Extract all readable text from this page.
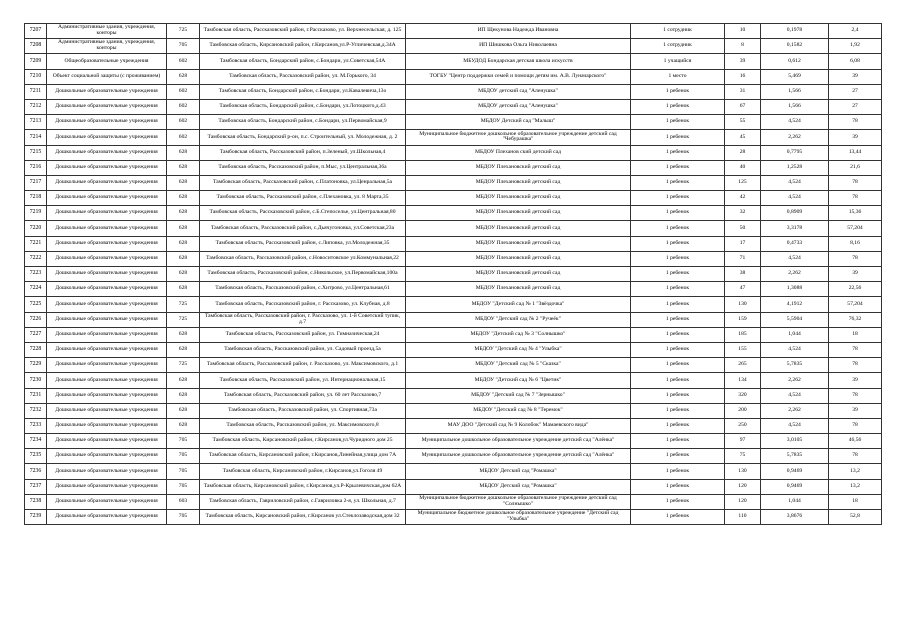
7207	Административные здания, учреждения, конторы	725	Тамбовская область, Рассказовский район, г.Рассказово, ул. Верхнесельская, д. 125	ИП Щекунова Надежда Ивановна	1 сотрудник	10	0,1978	2,4
7208	Административные здания, учреждения, конторы	705	Тамбовская область, Кирсановский район, г.Кирсанов,ул.Р-Угличевская,д.34А	ИП Шишкова Ольга Николаевна	1 сотрудник	8	0,1582	1,92
7209	Общеобразовательные учреждения	602	Тамбовская область, Бондарский район, с.Бондари, ул.Советская,54А	МБУДОД Бондарская детская школа искусств	1 учащийся	39	0,612	6,08
7210	Объект социальной защиты (с проживанием)	628	Тамбовская область, Рассказовский район, ул. М.Горького, 34	ТОГБУ "Центр поддержки семей и помощи детям им. А.В. Луначарского"	1 место	16	5,469	39
7211	Дошкольные образовательные учреждения	602	Тамбовская область, Бондарский район, с.Бондари, ул.Кавалевича,13о	МБДОУ детский сад "Аленушка"	1 ребенок	31	1,566	27
7212	Дошкольные образовательные учреждения	602	Тамбовская область, Бондарский район, с.Бондари, ул.Лотоцкого,д.43	МБДОУ детский сад "Аленушка"	1 ребенок	67	1,566	27
7213	Дошкольные образовательные учреждения	602	Тамбовская область, Бондарский район, с.Бондари, ул.Первомайская,9	МБДОУ Детский сад "Малыш"	1 ребенок	55	4,524	78
7214	Дошкольные образовательные учреждения	602	Тамбовская область, Бондарский р-он, п.с. Строительный, ул. Молодежная, д. 2	Муниципальное бюджетное дошкольное образовательное учреждение детский сад "Чебурашка"	1 ребенок	45	2,262	39
7215	Дошкольные образовательные учреждения	628	Тамбовская область, Рассказовский район, п.Зеленый, ул.Школьная,4	МБДОУ Плеханов ский детский сад	1 ребенок	28	0,7795	13,44
7216	Дошкольные образовательные учреждения	628	Тамбовская область, Рассказовский район, п.Мыс, ул.Центральная,36а	МБДОУ Плехановский детский сад	1 ребенок	40	1,2528	21,6
7217	Дошкольные образовательные учреждения	628	Тамбовская область, Рассказовский район, с.Платоновка, ул.Ценральная,5а	МБДОУ Плехановский детский сад	1 ребенок	125	4,524	78
7218	Дошкольные образовательные учреждения	628	Тамбовская область, Рассказовский район, с.Плехановка, ул. 8 Марта,35	МБДОУ Плехановский детский сад	1 ребенок	42	4,524	78
7219	Дошкольные образовательные учреждения	628	Тамбовская область, Рассказовский район, с.Б.Степоселье, ул.Центральная,80	МБДОУ Плехановский детский сад	1 ребенок	32	0,8909	15,36
7220	Дошкольные образовательные учреждения	628	Тамбовская область, Рассказовский район, с.Дьячугоновка, ул.Советская,23а	МБДОУ Плехановский детский сад	1 ребенок	50	3,3178	57,204
7221	Дошкольные образовательные учреждения	628	Тамбовская область, Рассказовский район, с.Липовка, ул.Молодежная,35	МБДОУ Плехановский детский сад	1 ребенок	17	0,4733	8,16
7222	Дошкольные образовательные учреждения	628	Тамбовская область, Рассказовский район, с.Новоситовское ул.Коммунальная,22	МБДОУ Плехановский детский сад	1 ребенок	71	4,524	78
7223	Дошкольные образовательные учреждения	628	Тамбовская область, Рассказовский район, с.Никольское, ул.Первомайская,100а	МБДОУ Плехановский детский сад	1 ребенок	38	2,262	39
7224	Дошкольные образовательные учреждения	628	Тамбовская область, Рассказовский район, с.Хитрово, ул.Центральная,61	МБДОУ Плехановский детский сад	1 ребенок	47	1,3088	22,56
7225	Дошкольные образовательные учреждения	725	Тамбовская область, Рассказовский район, г. Рассказово, ул. Клубная, д.8	МБДОУ "Детский сад № 1 "Звёздочка"	1 ребенок	130	4,1912	57,204
7226	Дошкольные образовательные учреждения	725	Тамбовская область, Рассказовский район, г. Рассказово, ул. 1-й Советский тупик, д.7	МБДОУ "Детский сад № 2 "Ручеёк"	1 ребенок	159	5,5904	76,32
7227	Дошкольные образовательные учреждения	628	Тамбовская область, Рассказовский район, ул. Гимназическая,24	МБДОУ "Детский сад № 3 "Солнышко"	1 ребенок	185	1,044	18
7228	Дошкольные образовательные учреждения	628	Тамбовская область, Рассказовский район, ул. Садовый проезд,5а	МБДОУ "Детский сад № 4 "Улыбка"	1 ребенок	155	4,524	78
7229	Дошкольные образовательные учреждения	725	Тамбовская область, Рассказовский район, г. Рассказово, ул. Максимовского, д.1	МБДОУ "Детский сад № 5 "Сказка"	1 ребенок	265	5,7835	78
7230	Дошкольные образовательные учреждения	628	Тамбовская область, Рассказовский район, ул. Интернациональная,15	МБДОУ "Детский сад № 6 "Цветик"	1 ребенок	134	2,262	39
7231	Дошкольные образовательные учреждения	628	Тамбовская область, Рассказовский район, ул. 60 лет Рассказово,7	МБДОУ "Детский сад № 7 "Зернышко"	1 ребенок	320	4,524	78
7232	Дошкольные образовательные учреждения	628	Тамбовская область, Рассказовский район, ул. Спортивная,73а	МБДОУ "Детский сад № 8 "Теремок"	1 ребенок	200	2,262	39
7233	Дошкольные образовательные учреждения	628	Тамбовская область, Рассказовский район, ул. Максимовского,8	МАУ ДОО "Детский сад № 9 Колобок" Мамаевского вида"	1 ребенок	250	4,524	78
7234	Дошкольные образовательные учреждения	705	Тамбовская область, Кирсановский район, г.Кирсанов,ул.Чуридного дом 25	Муниципальное дошкольное образовательное учреждение детский сад "Алёнка"	1 ребенок	97	3,0105	46,56
7235	Дошкольные образовательные учреждения	705	Тамбовская область, Кирсановский район, г.Кирсанов,Линейная,улица дом 7А	Муниципальное дошкольное образовательное учреждение детский сад "Алёнка"	1 ребенок	75	5,7835	78
7236	Дошкольные образовательные учреждения	705	Тамбовская область, Кирсановский район, г.Кирсанов,ул.Гоголя 49	МБДОУ Детский сад "Ромашка"	1 ребенок	130	0,9469	13,2
7237	Дошкольные образовательные учреждения	705	Тамбовская область, Кирсановский район, г.Кирсанов,ул.Р-Крылевичская,дом 62А	МБДОУ Детский сад "Ромашка"	1 ребенок	120	0,9469	13,2
7238	Дошкольные образовательные учреждения	603	Тамбовская область, Гавриловский район, с.Гавриловка 2-я, ул. Школьная, д.7	Муниципальное бюджетное дошкольное образовательное учреждение детский сад "Солнышко"	1 ребенок	120	1,044	18
7239	Дошкольные образовательные учреждения	705	Тамбовская область, Кирсановский район, г.Кирсанов ул.Стеклозаводская,дом 32	Муниципальное бюджетное дошкольное образовательное учреждение "Детский сад "Улыбка"	1 ребенок	110	3,8676	52,8
